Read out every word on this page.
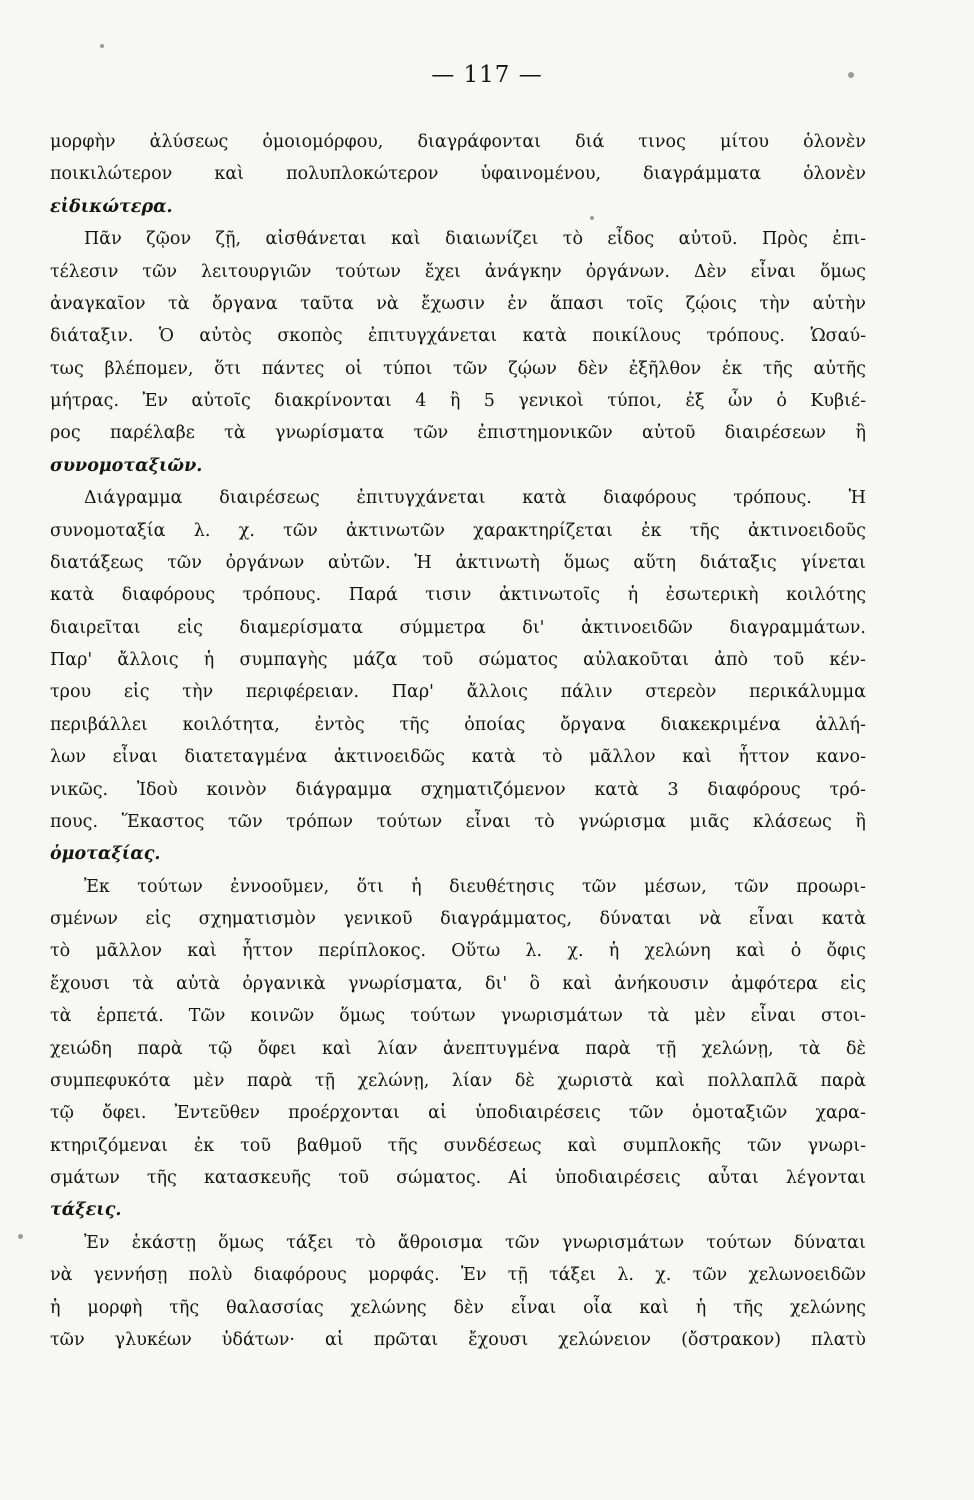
— 117 —
μορφὴν ἀλύσεως ὁμοιομόρφου, διαγράφονται διά τινος μίτου ὁλονὲν
ποικιλώτερον καὶ πολυπλοκώτερον ὑφαινομένου, διαγράμματα ὁλονὲν
εἰδικώτερα.
Πᾶν ζῷον ζῇ, αἰσθάνεται καὶ διαιωνίζει τὸ εἶδος αὐτοῦ. Πρὸς ἐπι-
τέλεσιν τῶν λειτουργιῶν τούτων ἔχει ἀνάγκην ὀργάνων. Δὲν εἶναι ὅμως
ἀναγκαῖον τὰ ὄργανα ταῦτα νὰ ἔχωσιν ἐν ἅπασι τοῖς ζῴοις τὴν αὐτὴν
διάταξιν. Ὁ αὐτὸς σκοπὸς ἐπιτυγχάνεται κατὰ ποικίλους τρόπους. Ὡσαύ-
τως βλέπομεν, ὅτι πάντες οἱ τύποι τῶν ζῴων δὲν ἐξῆλθον ἐκ τῆς αὐτῆς
μήτρας. Ἐν αὐτοῖς διακρίνονται 4 ἢ 5 γενικοὶ τύποι, ἐξ ὧν ὁ Κυβιέ-
ρος παρέλαβε τὰ γνωρίσματα τῶν ἐπιστημονικῶν αὐτοῦ διαιρέσεων ἢ
συνομοταξιῶν.
Διάγραμμα διαιρέσεως ἐπιτυγχάνεται κατὰ διαφόρους τρόπους. Ἡ
συνομοταξία λ. χ. τῶν ἀκτινωτῶν χαρακτηρίζεται ἐκ τῆς ἀκτινοειδοῦς
διατάξεως τῶν ὀργάνων αὐτῶν. Ἡ ἀκτινωτὴ ὅμως αὕτη διάταξις γίνεται
κατὰ διαφόρους τρόπους. Παρά τισιν ἀκτινωτοῖς ἡ ἐσωτερικὴ κοιλότης
διαιρεῖται εἰς διαμερίσματα σύμμετρα δι' ἀκτινοειδῶν διαγραμμάτων.
Παρ' ἄλλοις ἡ συμπαγὴς μάζα τοῦ σώματος αὐλακοῦται ἀπὸ τοῦ κέν-
τρου εἰς τὴν περιφέρειαν. Παρ' ἄλλοις πάλιν στερεὸν περικάλυμμα
περιβάλλει κοιλότητα, ἐντὸς τῆς ὁποίας ὄργανα διακεκριμένα ἀλλή-
λων εἶναι διατεταγμένα ἀκτινοειδῶς κατὰ τὸ μᾶλλον καὶ ἧττον κανο-
νικῶς. Ἰδοὺ κοινὸν διάγραμμα σχηματιζόμενον κατὰ 3 διαφόρους τρό-
πους. Ἕκαστος τῶν τρόπων τούτων εἶναι τὸ γνώρισμα μιᾶς κλάσεως ἢ
ὁμοταξίας.
Ἐκ τούτων ἐννοοῦμεν, ὅτι ἡ διευθέτησις τῶν μέσων, τῶν προωρι-
σμένων εἰς σχηματισμὸν γενικοῦ διαγράμματος, δύναται νὰ εἶναι κατὰ
τὸ μᾶλλον καὶ ἧττον περίπλοκος. Οὕτω λ. χ. ἡ χελώνη καὶ ὁ ὄφις
ἔχουσι τὰ αὐτὰ ὀργανικὰ γνωρίσματα, δι' ὃ καὶ ἀνήκουσιν ἀμφότερα εἰς
τὰ ἑρπετά. Τῶν κοινῶν ὅμως τούτων γνωρισμάτων τὰ μὲν εἶναι στοι-
χειώδη παρὰ τῷ ὄφει καὶ λίαν ἀνεπτυγμένα παρὰ τῇ χελώνῃ, τὰ δὲ
συμπεφυκότα μὲν παρὰ τῇ χελώνῃ, λίαν δὲ χωριστὰ καὶ πολλαπλᾶ παρὰ
τῷ ὄφει. Ἐντεῦθεν προέρχονται αἱ ὑποδιαιρέσεις τῶν ὁμοταξιῶν χαρα-
κτηριζόμεναι ἐκ τοῦ βαθμοῦ τῆς συνδέσεως καὶ συμπλοκῆς τῶν γνωρι-
σμάτων τῆς κατασκευῆς τοῦ σώματος. Αἱ ὑποδιαιρέσεις αὗται λέγονται
τάξεις.
Ἐν ἑκάστῃ ὅμως τάξει τὸ ἄθροισμα τῶν γνωρισμάτων τούτων δύναται
νὰ γεννήσῃ πολὺ διαφόρους μορφάς. Ἐν τῇ τάξει λ. χ. τῶν χελωνοειδῶν
ἡ μορφὴ τῆς θαλασσίας χελώνης δὲν εἶναι οἷα καὶ ἡ τῆς χελώνης
τῶν γλυκέων ὑδάτων· αἱ πρῶται ἔχουσι χελώνειον (ὄστρακον) πλατὺ
